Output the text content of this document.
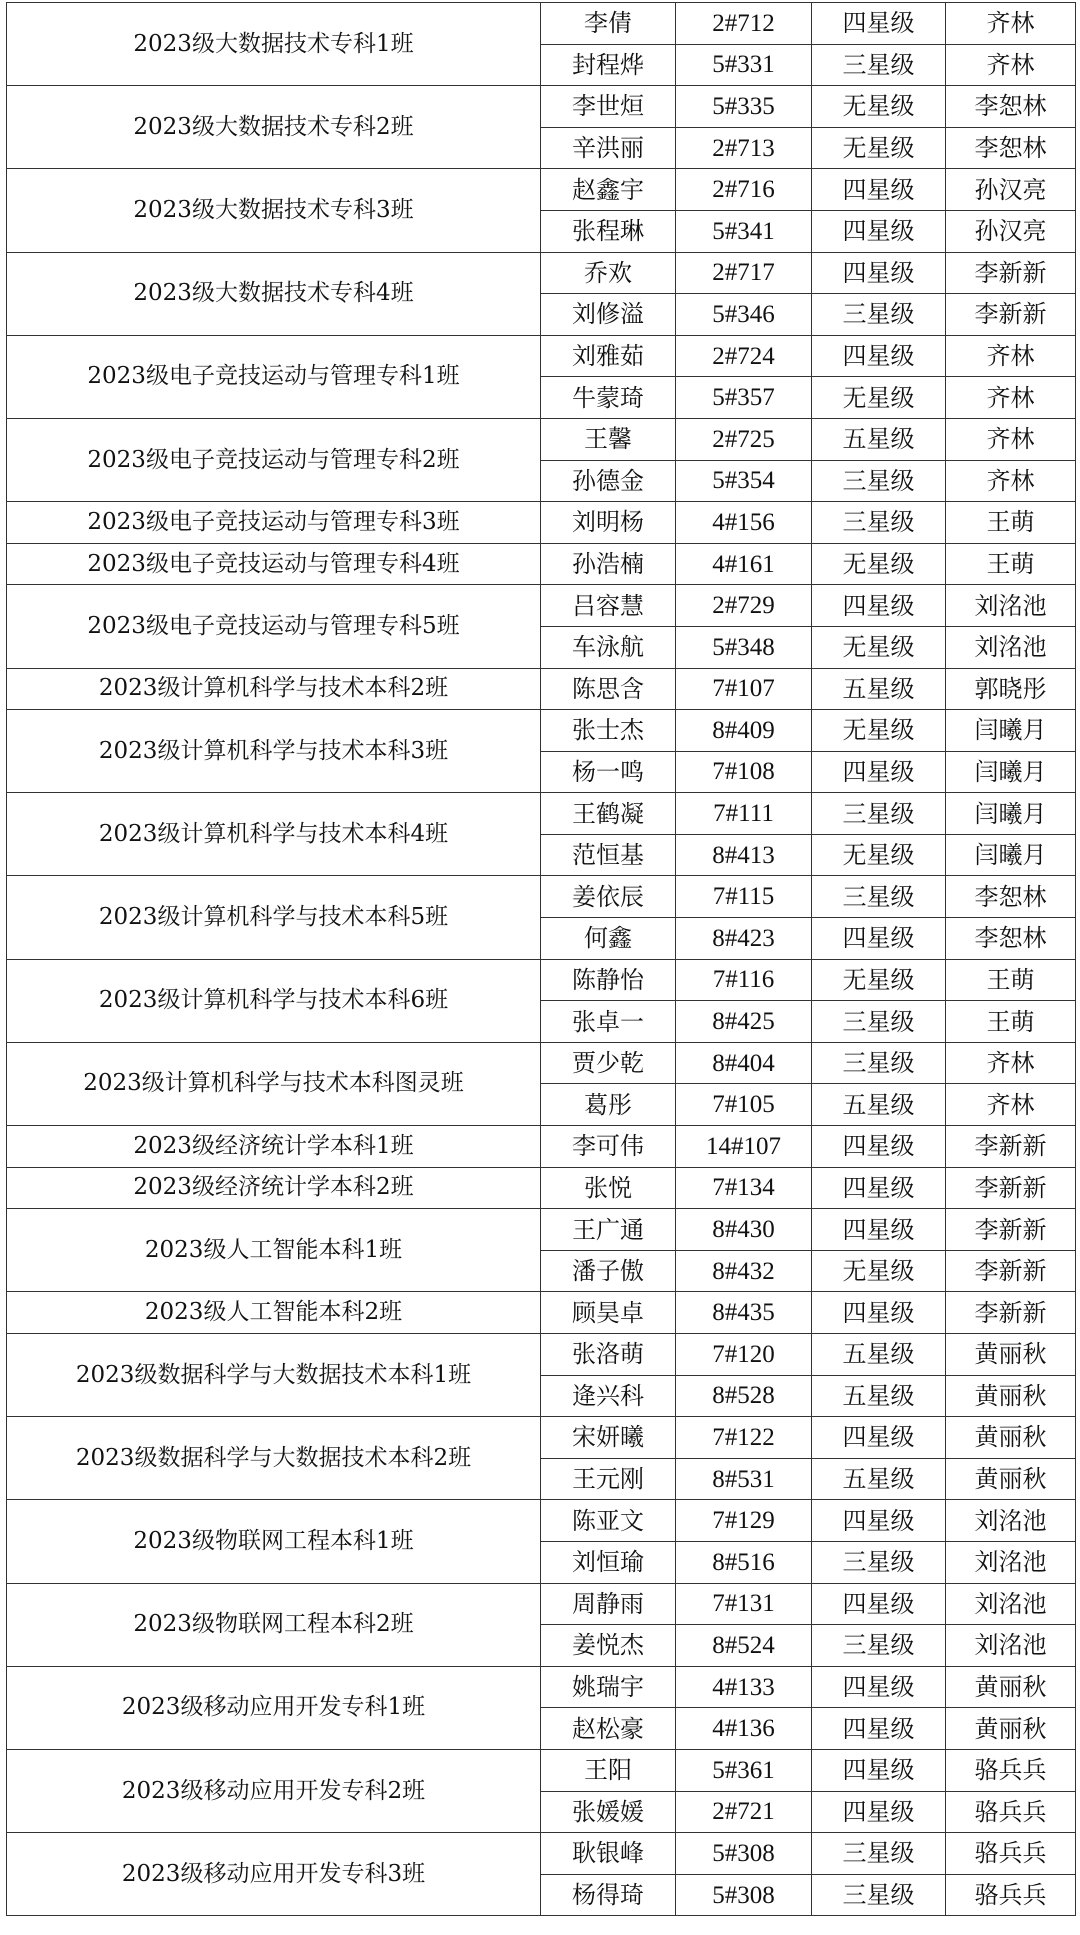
2023级大数据技术专科1班	李倩	2#712	四星级	齐林
	封程烨	5#331	三星级	齐林
2023级大数据技术专科2班	李世烜	5#335	无星级	李恕林
	辛洪丽	2#713	无星级	李恕林
2023级大数据技术专科3班	赵鑫宇	2#716	四星级	孙汉亮
	张程琳	5#341	四星级	孙汉亮
2023级大数据技术专科4班	乔欢	2#717	四星级	李新新
	刘修溢	5#346	三星级	李新新
2023级电子竞技运动与管理专科1班	刘雅茹	2#724	四星级	齐林
	牛蒙琦	5#357	无星级	齐林
2023级电子竞技运动与管理专科2班	王馨	2#725	五星级	齐林
	孙德金	5#354	三星级	齐林
2023级电子竞技运动与管理专科3班	刘明杨	4#156	三星级	王萌
2023级电子竞技运动与管理专科4班	孙浩楠	4#161	无星级	王萌
2023级电子竞技运动与管理专科5班	吕容慧	2#729	四星级	刘洺池
	车泳航	5#348	无星级	刘洺池
2023级计算机科学与技术本科2班	陈思含	7#107	五星级	郭晓彤
2023级计算机科学与技术本科3班	张士杰	8#409	无星级	闫曦月
	杨一鸣	7#108	四星级	闫曦月
2023级计算机科学与技术本科4班	王鹤凝	7#111	三星级	闫曦月
	范恒基	8#413	无星级	闫曦月
2023级计算机科学与技术本科5班	姜依辰	7#115	三星级	李恕林
	何鑫	8#423	四星级	李恕林
2023级计算机科学与技术本科6班	陈静怡	7#116	无星级	王萌
	张卓一	8#425	三星级	王萌
2023级计算机科学与技术本科图灵班	贾少乾	8#404	三星级	齐林
	葛彤	7#105	五星级	齐林
2023级经济统计学本科1班	李可伟	14#107	四星级	李新新
2023级经济统计学本科2班	张悦	7#134	四星级	李新新
2023级人工智能本科1班	王广通	8#430	四星级	李新新
	潘子傲	8#432	无星级	李新新
2023级人工智能本科2班	顾昊卓	8#435	四星级	李新新
2023级数据科学与大数据技术本科1班	张洛萌	7#120	五星级	黄丽秋
	逄兴科	8#528	五星级	黄丽秋
2023级数据科学与大数据技术本科2班	宋妍曦	7#122	四星级	黄丽秋
	王元刚	8#531	五星级	黄丽秋
2023级物联网工程本科1班	陈亚文	7#129	四星级	刘洺池
	刘恒瑜	8#516	三星级	刘洺池
2023级物联网工程本科2班	周静雨	7#131	四星级	刘洺池
	姜悦杰	8#524	三星级	刘洺池
2023级移动应用开发专科1班	姚瑞宇	4#133	四星级	黄丽秋
	赵松豪	4#136	四星级	黄丽秋
2023级移动应用开发专科2班	王阳	5#361	四星级	骆兵兵
	张媛媛	2#721	四星级	骆兵兵
2023级移动应用开发专科3班	耿银峰	5#308	三星级	骆兵兵
	杨得琦	5#308	三星级	骆兵兵
